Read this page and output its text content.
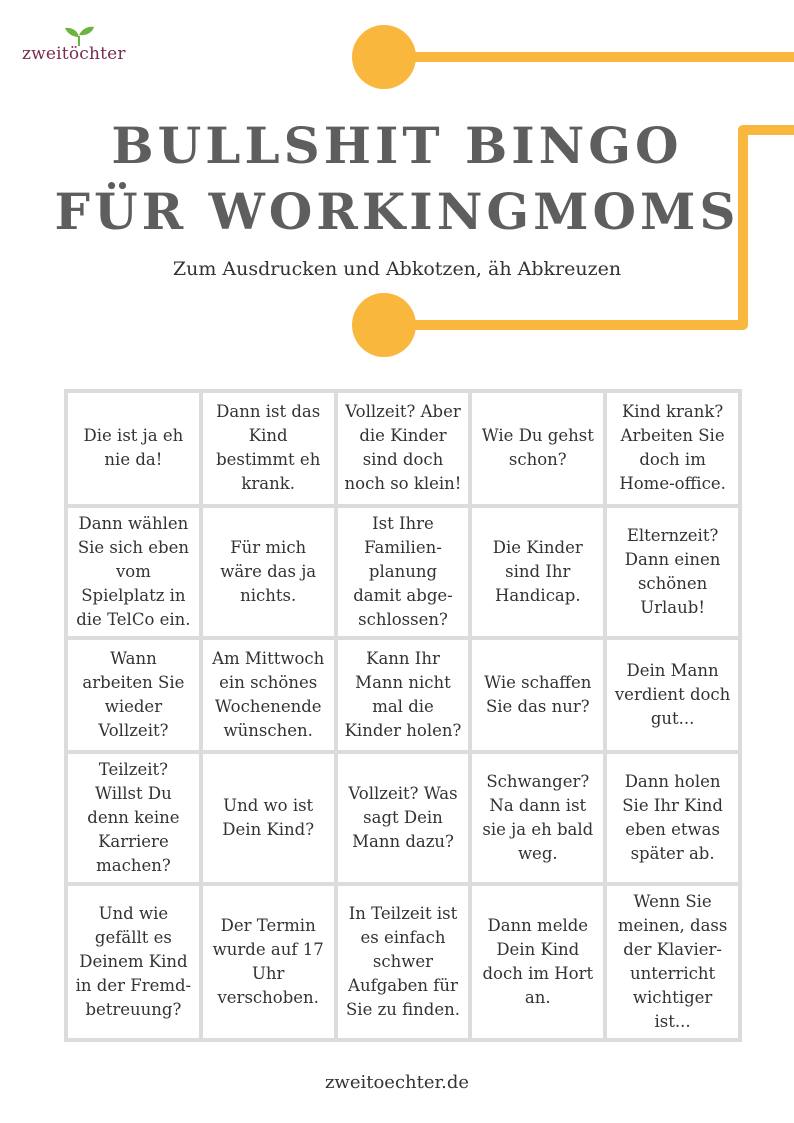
zweitöchter
BULLSHIT BINGO
FÜR WORKINGMOMS
Zum Ausdrucken und Abkotzen, äh Abkreuzen
Die ist ja eh nie da!
Dann ist das Kind bestimmt eh krank.
Vollzeit? Aber die Kinder sind doch noch so klein!
Wie Du gehst schon?
Kind krank? Arbeiten Sie doch im Home-office.
Dann wählen Sie sich eben vom Spielplatz in die TelCo ein.
Für mich wäre das ja nichts.
Ist Ihre Familien-planung damit abge-schlossen?
Die Kinder sind Ihr Handicap.
Elternzeit? Dann einen schönen Urlaub!
Wann arbeiten Sie wieder Vollzeit?
Am Mittwoch ein schönes Wochenende wünschen.
Kann Ihr Mann nicht mal die Kinder holen?
Wie schaffen Sie das nur?
Dein Mann verdient doch gut...
Teilzeit? Willst Du denn keine Karriere machen?
Und wo ist Dein Kind?
Vollzeit? Was sagt Dein Mann dazu?
Schwanger? Na dann ist sie ja eh bald weg.
Dann holen Sie Ihr Kind eben etwas später ab.
Und wie gefällt es Deinem Kind in der Fremd-betreuung?
Der Termin wurde auf 17 Uhr verschoben.
In Teilzeit ist es einfach schwer Aufgaben für Sie zu finden.
Dann melde Dein Kind doch im Hort an.
Wenn Sie meinen, dass der Klavier-unterricht wichtiger ist...
zweitoechter.de
